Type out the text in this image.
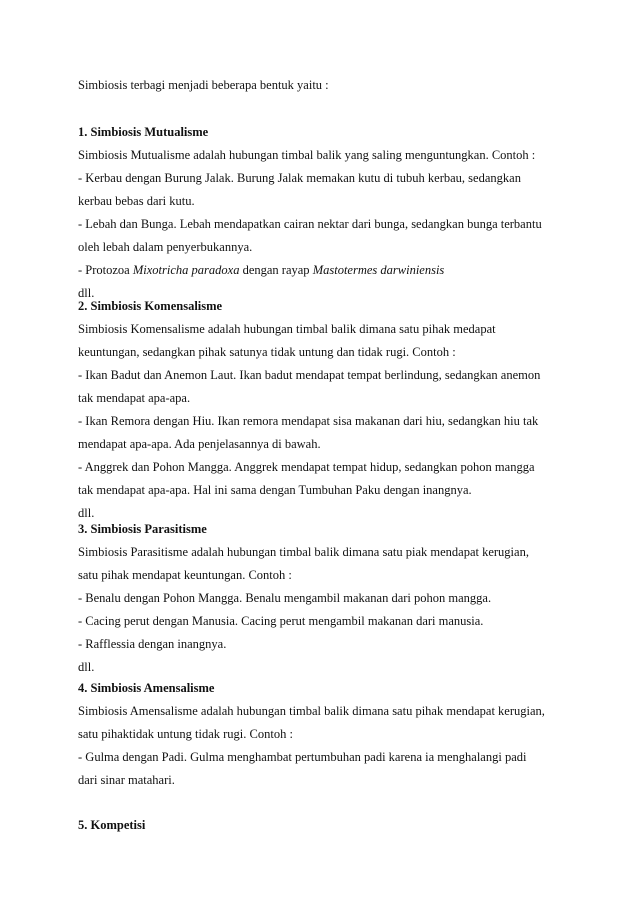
Simbiosis terbagi menjadi beberapa bentuk yaitu :
1. Simbiosis Mutualisme
Simbiosis Mutualisme adalah hubungan timbal balik yang saling menguntungkan. Contoh :
- Kerbau dengan Burung Jalak. Burung Jalak memakan kutu di tubuh kerbau, sedangkan
kerbau bebas dari kutu.
- Lebah dan Bunga. Lebah mendapatkan cairan nektar dari bunga, sedangkan bunga terbantu
oleh lebah dalam penyerbukannya.
- Protozoa Mixotricha paradoxa dengan rayap Mastotermes darwiniensis
dll.
2. Simbiosis Komensalisme
Simbiosis Komensalisme adalah hubungan timbal balik dimana satu pihak medapat
keuntungan, sedangkan pihak satunya tidak untung dan tidak rugi. Contoh :
- Ikan Badut dan Anemon Laut. Ikan badut mendapat tempat berlindung, sedangkan anemon
tak mendapat apa-apa.
- Ikan Remora dengan Hiu. Ikan remora mendapat sisa makanan dari hiu, sedangkan hiu tak
mendapat apa-apa. Ada penjelasannya di bawah.
- Anggrek dan Pohon Mangga. Anggrek mendapat tempat hidup, sedangkan pohon mangga
tak mendapat apa-apa. Hal ini sama dengan Tumbuhan Paku dengan inangnya.
dll.
3. Simbiosis Parasitisme
Simbiosis Parasitisme adalah hubungan timbal balik dimana satu piak mendapat kerugian,
satu pihak mendapat keuntungan. Contoh :
- Benalu dengan Pohon Mangga. Benalu mengambil makanan dari pohon mangga.
- Cacing perut dengan Manusia. Cacing perut mengambil makanan dari manusia.
- Rafflessia dengan inangnya.
dll.
4. Simbiosis Amensalisme
Simbiosis Amensalisme adalah hubungan timbal balik dimana satu pihak mendapat kerugian,
satu pihaktidak untung tidak rugi. Contoh :
- Gulma dengan Padi. Gulma menghambat pertumbuhan padi karena ia menghalangi padi
dari sinar matahari.
5. Kompetisi
